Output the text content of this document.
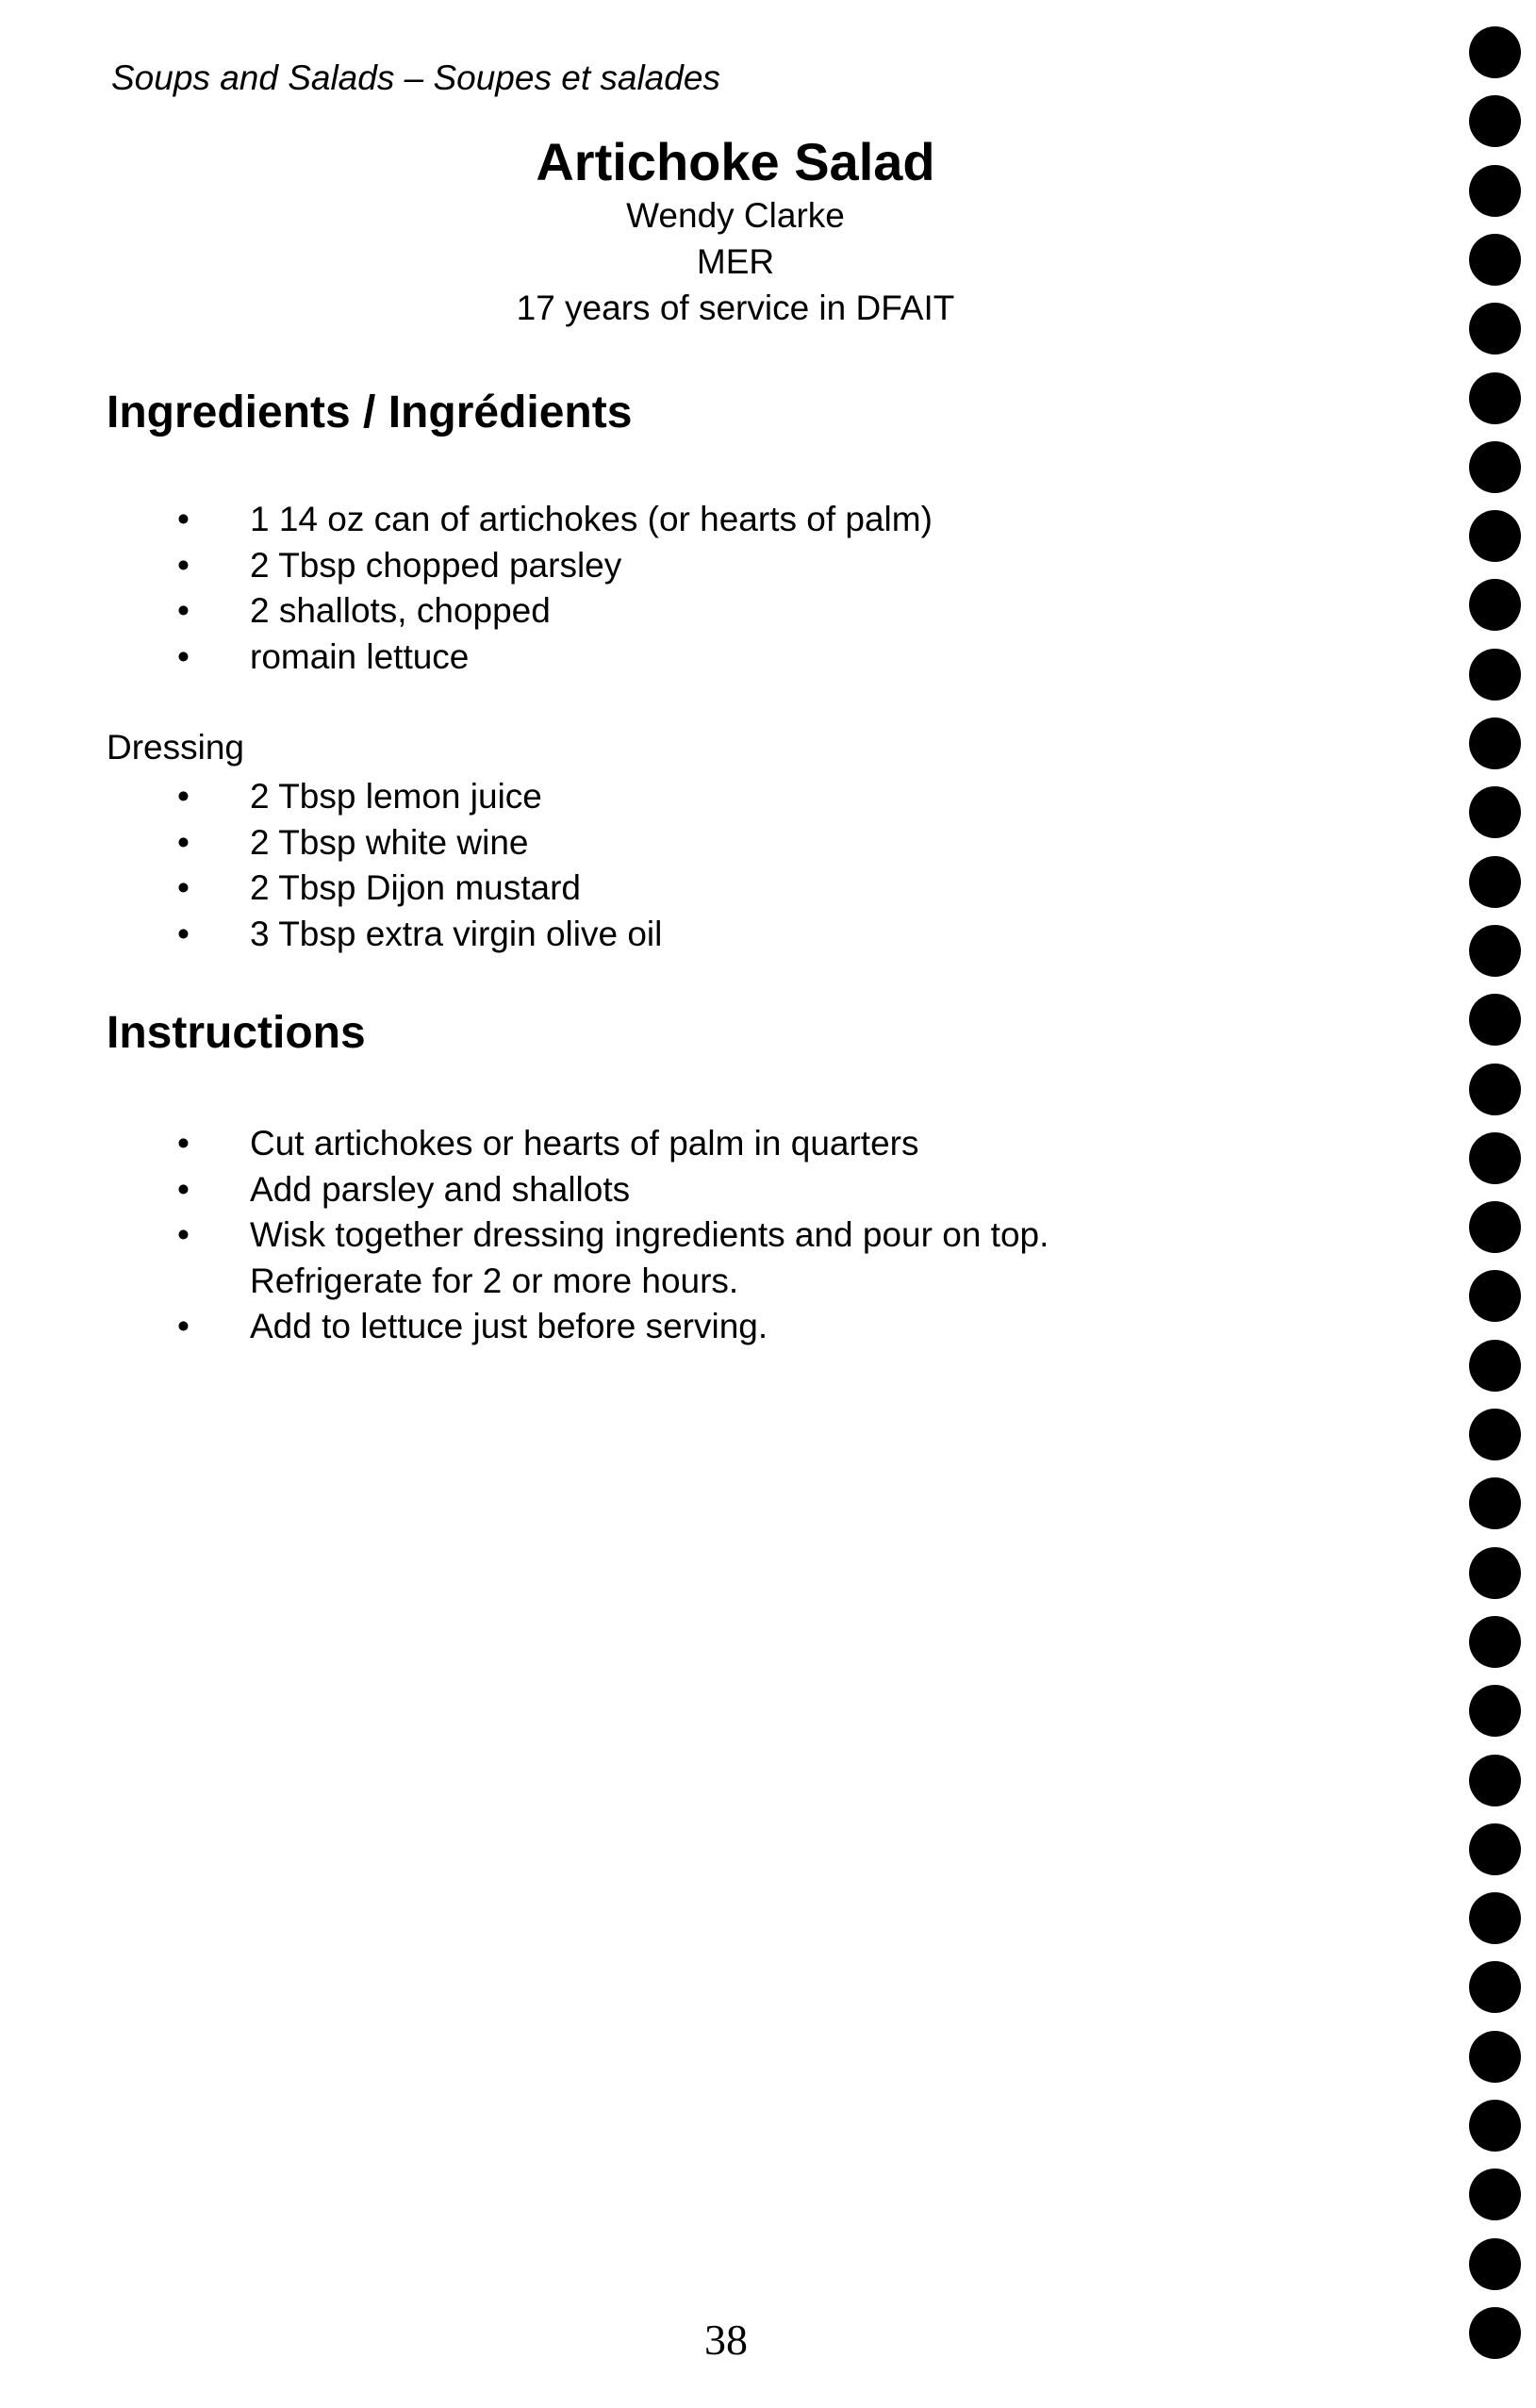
Soups and Salads – Soupes et salades

Artichoke Salad

Wendy Clarke

MER

17 years of service in DFAIT

Ingredients / Ingrédients
• 1 14 oz can of artichokes (or hearts of palm)
• 2 Tbsp chopped parsley
• 2 shallots, chopped
• romain lettuce

Dressing

• 2 Tbsp lemon juice
• 2 Tbsp white wine
• 2 Tbsp Dijon mustard
• 3 Tbsp extra virgin olive oil
Instructions
• Cut artichokes or hearts of palm in quarters
• Add parsley and shallots
• Wisk together dressing ingredients and pour on top. Refrigerate for 2 or more hours.
• Add to lettuce just before serving.

38
